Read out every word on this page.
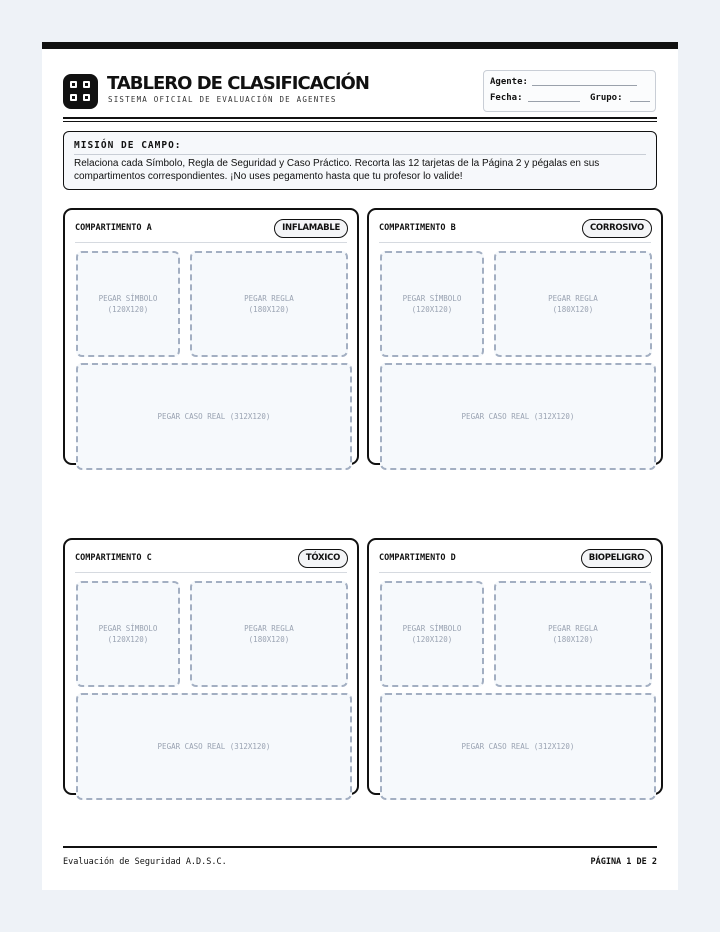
TABLERO DE CLASIFICACIÓN
SISTEMA OFICIAL DE EVALUACIÓN DE AGENTES
Agente:
Fecha:	Grupo:
MISIÓN DE CAMPO:
Relaciona cada Símbolo, Regla de Seguridad y Caso Práctico. Recorta las 12 tarjetas de la Página 2 y pégalas en sus compartimentos correspondientes. ¡No uses pegamento hasta que tu profesor lo valide!
COMPARTIMENTO A	INFLAMABLE
PEGAR SÍMBOLO
(120X120)
PEGAR REGLA
(180X120)
PEGAR CASO REAL (312X120)
COMPARTIMENTO B	CORROSIVO
PEGAR SÍMBOLO
(120X120)
PEGAR REGLA
(180X120)
PEGAR CASO REAL (312X120)
COMPARTIMENTO C	TÓXICO
PEGAR SÍMBOLO
(120X120)
PEGAR REGLA
(180X120)
PEGAR CASO REAL (312X120)
COMPARTIMENTO D	BIOPELIGRO
PEGAR SÍMBOLO
(120X120)
PEGAR REGLA
(180X120)
PEGAR CASO REAL (312X120)
Evaluación de Seguridad A.D.S.C.	PÁGINA 1 DE 2
